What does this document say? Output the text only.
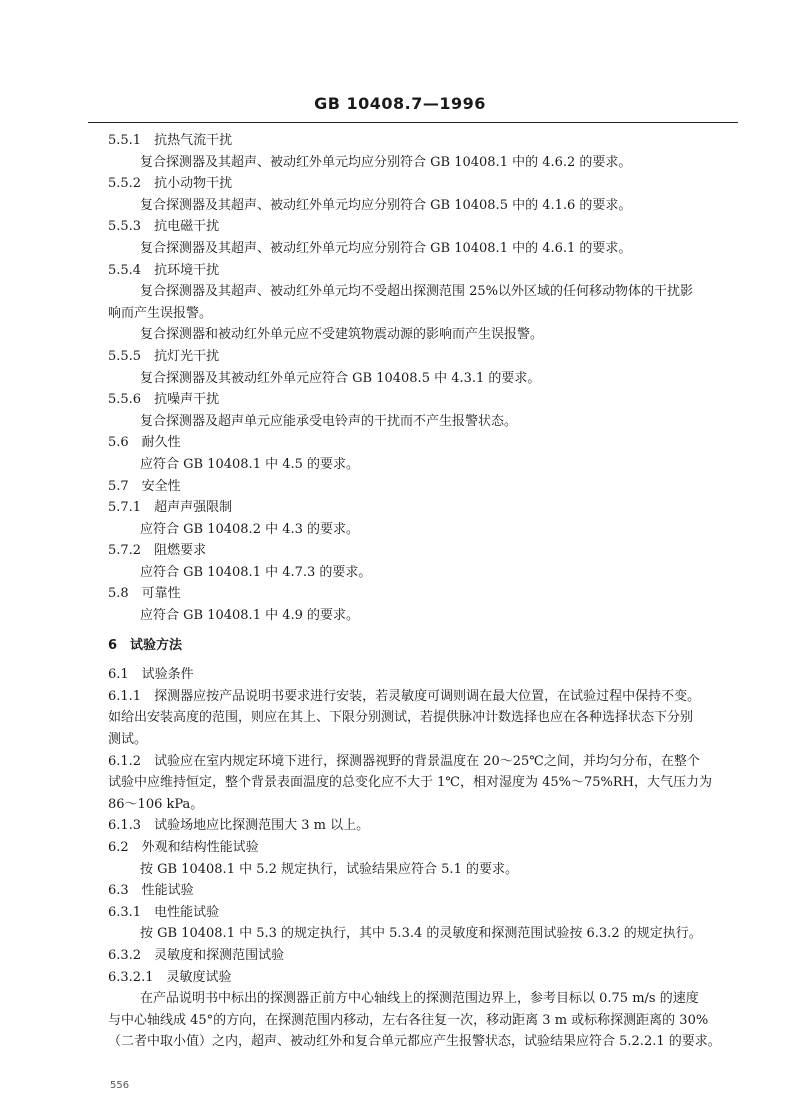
GB 10408.7—1996
5.5.1　抗热气流干扰
复合探测器及其超声、被动红外单元均应分别符合 GB 10408.1 中的 4.6.2 的要求。
5.5.2　抗小动物干扰
复合探测器及其超声、被动红外单元均应分别符合 GB 10408.5 中的 4.1.6 的要求。
5.5.3　抗电磁干扰
复合探测器及其超声、被动红外单元均应分别符合 GB 10408.1 中的 4.6.1 的要求。
5.5.4　抗环境干扰
复合探测器及其超声、被动红外单元均不受超出探测范围 25%以外区域的任何移动物体的干扰影
响而产生误报警。
复合探测器和被动红外单元应不受建筑物震动源的影响而产生误报警。
5.5.5　抗灯光干扰
复合探测器及其被动红外单元应符合 GB 10408.5 中 4.3.1 的要求。
5.5.6　抗噪声干扰
复合探测器及超声单元应能承受电铃声的干扰而不产生报警状态。
5.6　耐久性
应符合 GB 10408.1 中 4.5 的要求。
5.7　安全性
5.7.1　超声声强限制
应符合 GB 10408.2 中 4.3 的要求。
5.7.2　阻燃要求
应符合 GB 10408.1 中 4.7.3 的要求。
5.8　可靠性
应符合 GB 10408.1 中 4.9 的要求。
6　试验方法
6.1　试验条件
6.1.1　探测器应按产品说明书要求进行安装，若灵敏度可调则调在最大位置，在试验过程中保持不变。
如给出安装高度的范围，则应在其上、下限分别测试，若提供脉冲计数选择也应在各种选择状态下分别
测试。
6.1.2　试验应在室内规定环境下进行，探测器视野的背景温度在 20～25℃之间，并均匀分布，在整个
试验中应维持恒定，整个背景表面温度的总变化应不大于 1℃，相对湿度为 45%～75%RH，大气压力为
86～106 kPa。
6.1.3　试验场地应比探测范围大 3 m 以上。
6.2　外观和结构性能试验
按 GB 10408.1 中 5.2 规定执行，试验结果应符合 5.1 的要求。
6.3　性能试验
6.3.1　电性能试验
按 GB 10408.1 中 5.3 的规定执行，其中 5.3.4 的灵敏度和探测范围试验按 6.3.2 的规定执行。
6.3.2　灵敏度和探测范围试验
6.3.2.1　灵敏度试验
在产品说明书中标出的探测器正前方中心轴线上的探测范围边界上，参考目标以 0.75 m/s 的速度
与中心轴线成 45°的方向，在探测范围内移动，左右各往复一次，移动距离 3 m 或标称探测距离的 30%
（二者中取小值）之内，超声、被动红外和复合单元都应产生报警状态，试验结果应符合 5.2.2.1 的要求。
556
